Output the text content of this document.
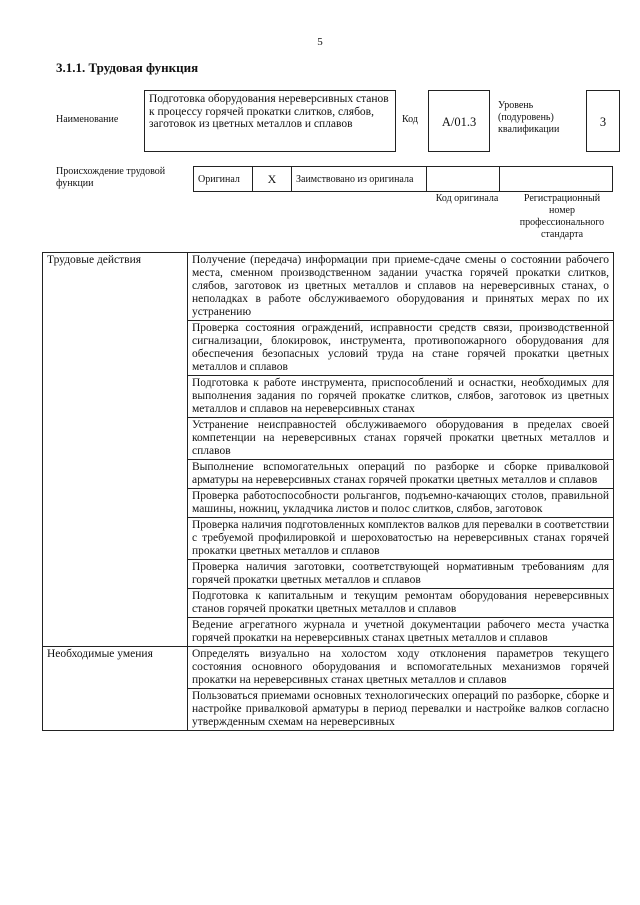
5
3.1.1. Трудовая функция
Наименование
Подготовка оборудования нереверсивных станов к процессу горячей прокатки слитков, слябов, заготовок из цветных металлов и сплавов	Код	A/01.3
Уровень (подуровень) квалификации
3
Происхождение трудовой функции	Оригинал	X	Заимствовано из оригинала		
Код оригинала	Регистрационный номер профессионального стандарта
Трудовые действия	Получение (передача) информации при приеме-сдаче смены о состоянии рабочего места, сменном производственном задании участка горячей прокатки слитков, слябов, заготовок из цветных металлов и сплавов на нереверсивных станах, о неполадках в работе обслуживаемого оборудования и принятых мерах по их устранению
	Проверка состояния ограждений, исправности средств связи, производственной сигнализации, блокировок, инструмента, противопожарного оборудования для обеспечения безопасных условий труда на стане горячей прокатки цветных металлов и сплавов
	Подготовка к работе инструмента, приспособлений и оснастки, необходимых для выполнения задания по горячей прокатке слитков, слябов, заготовок из цветных металлов и сплавов на нереверсивных станах
	Устранение неисправностей обслуживаемого оборудования в пределах своей компетенции на нереверсивных станах горячей прокатки цветных металлов и сплавов
	Выполнение вспомогательных операций по разборке и сборке привалковой арматуры на нереверсивных станах горячей прокатки цветных металлов и сплавов
	Проверка работоспособности рольгангов, подъемно-качающих столов, правильной машины, ножниц, укладчика листов и полос слитков, слябов, заготовок
	Проверка наличия подготовленных комплектов валков для перевалки в соответствии с требуемой профилировкой и шероховатостью на нереверсивных станах горячей прокатки цветных металлов и сплавов
	Проверка наличия заготовки, соответствующей нормативным требованиям для горячей прокатки цветных металлов и сплавов
	Подготовка к капитальным и текущим ремонтам оборудования нереверсивных станов горячей прокатки цветных металлов и сплавов
	Ведение агрегатного журнала и учетной документации рабочего места участка горячей прокатки на нереверсивных станах цветных металлов и сплавов
Необходимые умения	Определять визуально на холостом ходу отклонения параметров текущего состояния основного оборудования и вспомогательных механизмов горячей прокатки на нереверсивных станах цветных металлов и сплавов
	Пользоваться приемами основных технологических операций по разборке, сборке и настройке привалковой арматуры в период перевалки и настройке валков согласно утвержденным схемам на нереверсивных
